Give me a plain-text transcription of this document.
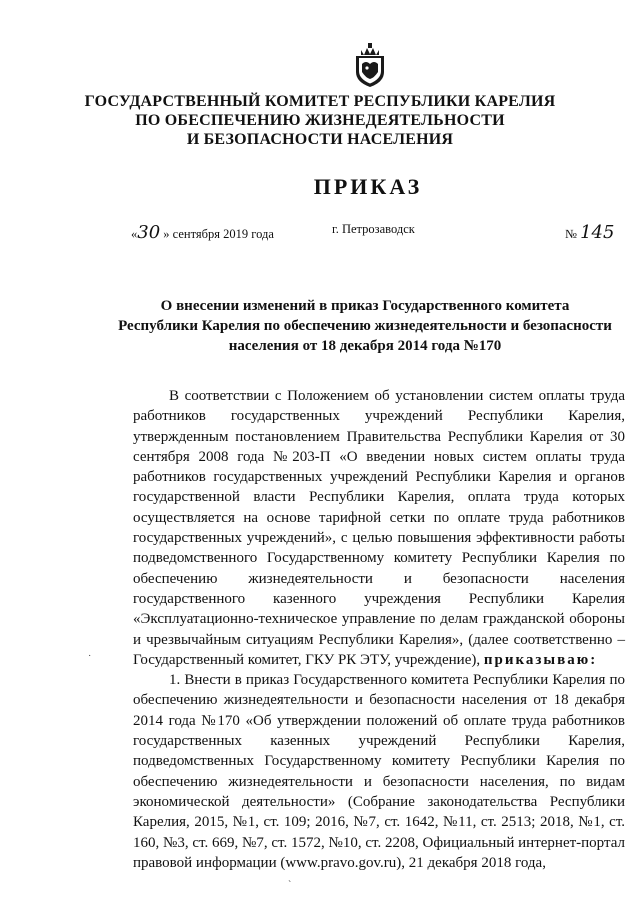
ГОСУДАРСТВЕННЫЙ КОМИТЕТ РЕСПУБЛИКИ КАРЕЛИЯ
ПО ОБЕСПЕЧЕНИЮ ЖИЗНЕДЕЯТЕЛЬНОСТИ
И БЕЗОПАСНОСТИ НАСЕЛЕНИЯ
ПРИКАЗ
«30 » сентября 2019 года	г. Петрозаводск	№ 145
О внесении изменений в приказ Государственного комитета
Республики Карелия по обеспечению жизнедеятельности и безопасности
населения от 18 декабря 2014 года №170

В соответствии с Положением об установлении систем оплаты труда работников государственных учреждений Республики Карелия, утвержденным постановлением Правительства Республики Карелия от 30 сентября 2008 года №203-П «О введении новых систем оплаты труда работников государственных учреждений Республики Карелия и органов государственной власти Республики Карелия, оплата труда которых осуществляется на основе тарифной сетки по оплате труда работников государственных учреждений», с целью повышения эффективности работы подведомственного Государственному комитету Республики Карелия по обеспечению жизнедеятельности и безопасности населения государственного казенного учреждения Республики Карелия «Эксплуатационно-техническое управление по делам гражданской обороны и чрезвычайным ситуациям Республики Карелия», (далее соответственно – Государственный комитет, ГКУ РК ЭТУ, учреждение), приказываю:

1. Внести в приказ Государственного комитета Республики Карелия по обеспечению жизнедеятельности и безопасности населения от 18 декабря 2014 года №170 «Об утверждении положений об оплате труда работников государственных казенных учреждений Республики Карелия, подведомственных Государственному комитету Республики Карелия по обеспечению жизнедеятельности и безопасности населения, по видам экономической деятельности» (Собрание законодательства Республики Карелия, 2015, №1, ст. 109; 2016, №7, ст. 1642, №11, ст. 2513; 2018, №1, ст. 160, №3, ст. 669, №7, ст. 1572, №10, ст. 2208, Официальный интернет-портал правовой информации (www.pravo.gov.ru), 21 декабря 2018 года,

˙
`
